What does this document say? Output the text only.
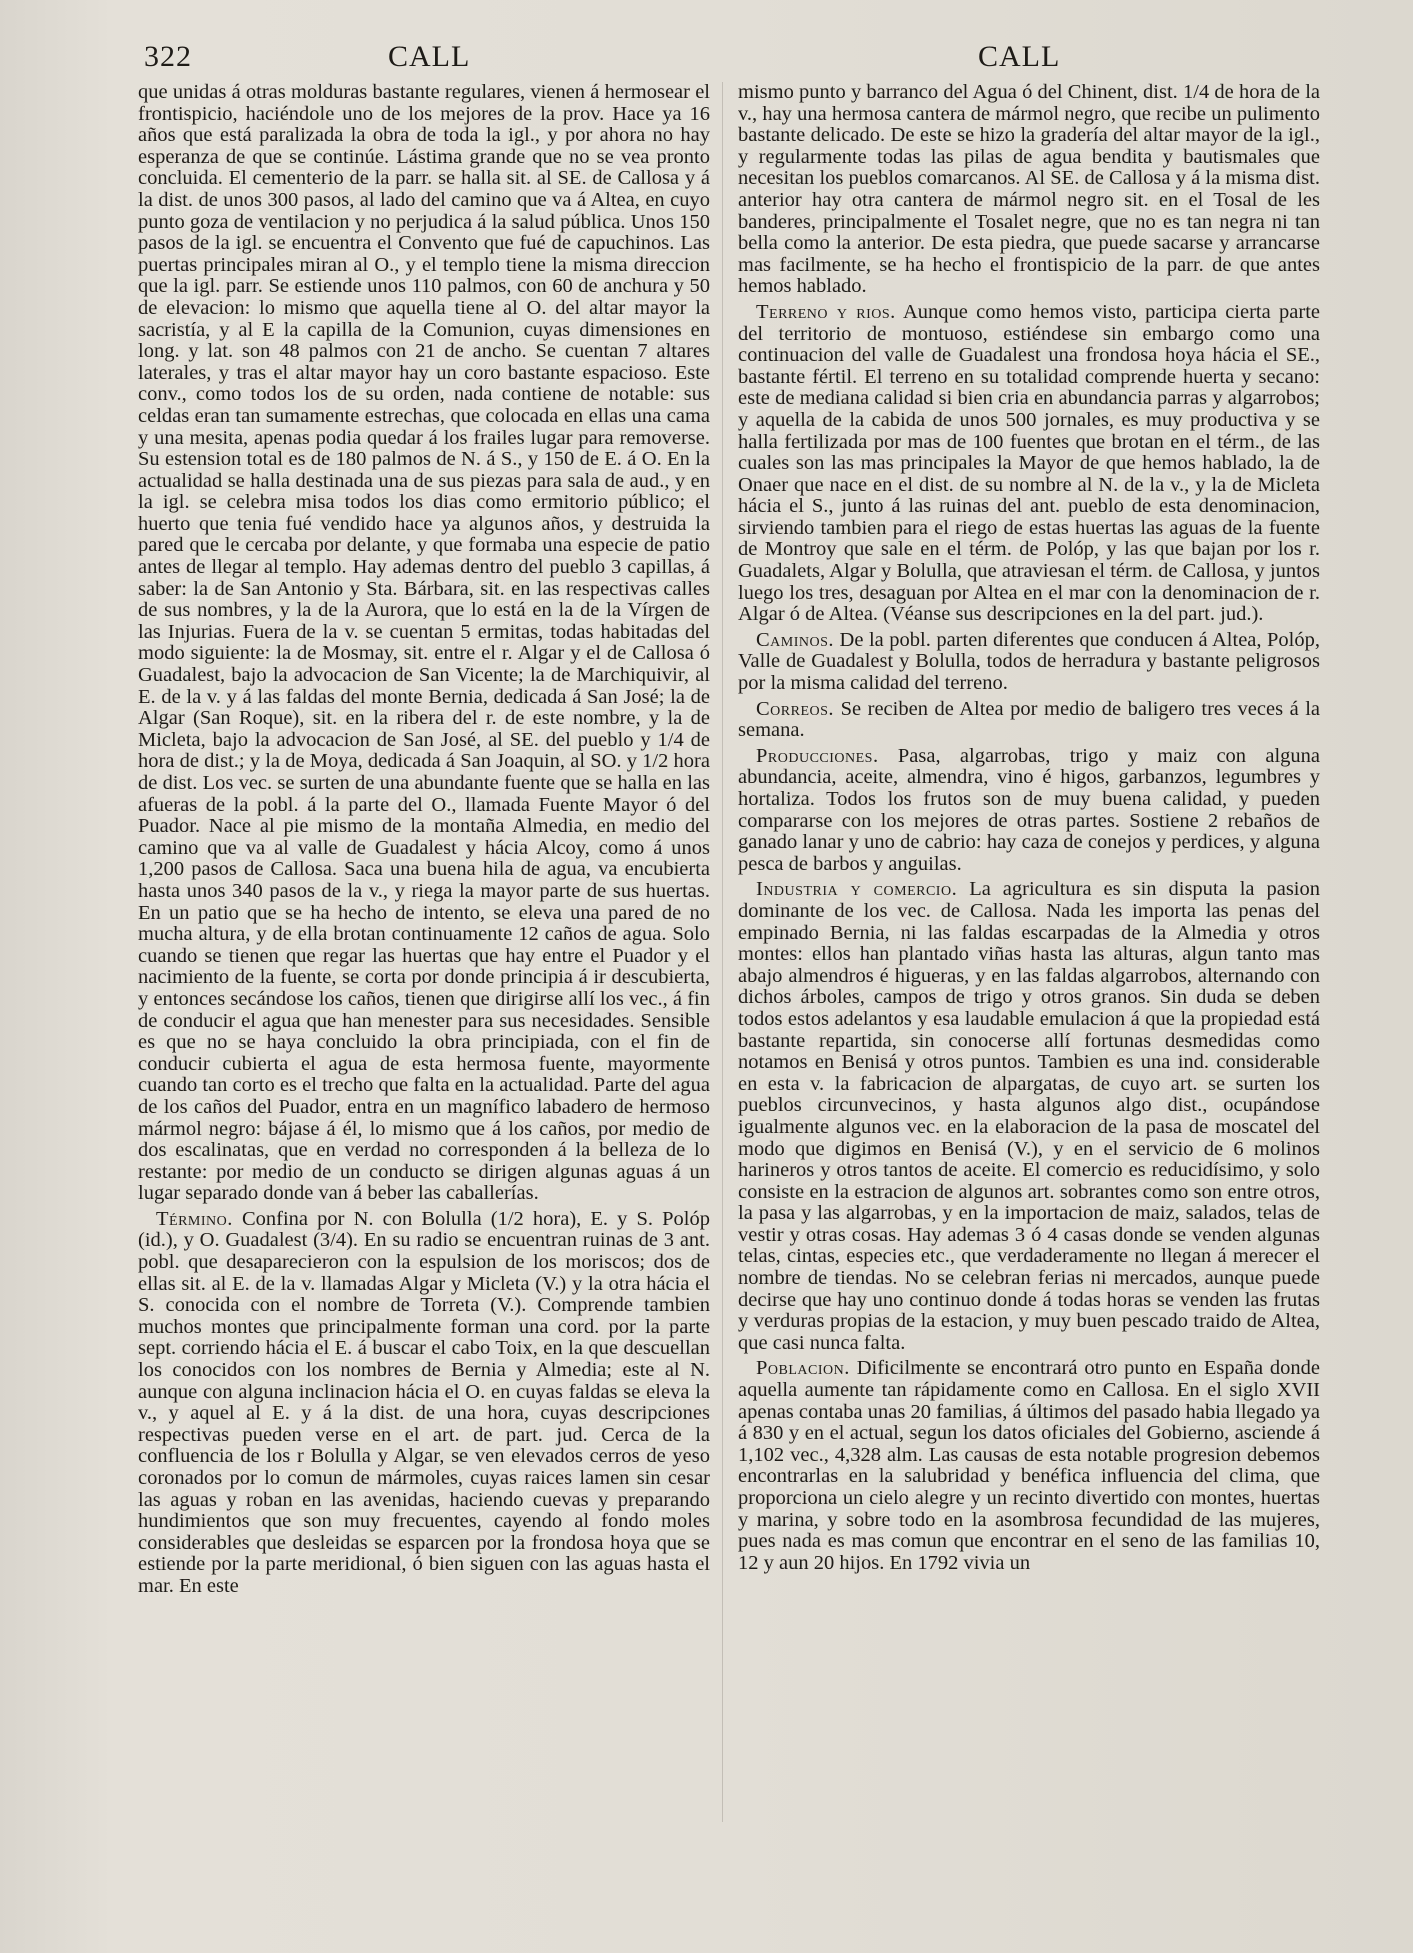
322	CALL	CALL

que unidas á otras molduras bastante regulares, vienen á hermosear el frontispicio, haciéndole uno de los mejores de la prov. Hace ya 16 años que está paralizada la obra de toda la igl., y por ahora no hay esperanza de que se continúe. Lástima grande que no se vea pronto concluida. El cementerio de la parr. se halla sit. al SE. de Callosa y á la dist. de unos 300 pasos, al lado del camino que va á Altea, en cuyo punto goza de ventilacion y no perjudica á la salud pública. Unos 150 pasos de la igl. se encuentra el Convento que fué de capuchinos. Las puertas principales miran al O., y el templo tiene la misma direccion que la igl. parr. Se estiende unos 110 palmos, con 60 de anchura y 50 de elevacion: lo mismo que aquella tiene al O. del altar mayor la sacristía, y al E la capilla de la Comunion, cuyas dimensiones en long. y lat. son 48 palmos con 21 de ancho. Se cuentan 7 altares laterales, y tras el altar mayor hay un coro bastante espacioso. Este conv., como todos los de su orden, nada contiene de notable: sus celdas eran tan sumamente estrechas, que colocada en ellas una cama y una mesita, apenas podia quedar á los frailes lugar para removerse. Su estension total es de 180 palmos de N. á S., y 150 de E. á O. En la actualidad se halla destinada una de sus piezas para sala de aud., y en la igl. se celebra misa todos los dias como ermitorio público; el huerto que tenia fué vendido hace ya algunos años, y destruida la pared que le cercaba por delante, y que formaba una especie de patio antes de llegar al templo. Hay ademas dentro del pueblo 3 capillas, á saber: la de San Antonio y Sta. Bárbara, sit. en las respectivas calles de sus nombres, y la de la Aurora, que lo está en la de la Vírgen de las Injurias. Fuera de la v. se cuentan 5 ermitas, todas habitadas del modo siguiente: la de Mosmay, sit. entre el r. Algar y el de Callosa ó Guadalest, bajo la advocacion de San Vicente; la de Marchiquivir, al E. de la v. y á las faldas del monte Bernia, dedicada á San José; la de Algar (San Roque), sit. en la ribera del r. de este nombre, y la de Micleta, bajo la advocacion de San José, al SE. del pueblo y 1/4 de hora de dist.; y la de Moya, dedicada á San Joaquin, al SO. y 1/2 hora de dist. Los vec. se surten de una abundante fuente que se halla en las afueras de la pobl. á la parte del O., llamada Fuente Mayor ó del Puador. Nace al pie mismo de la montaña Almedia, en medio del camino que va al valle de Guadalest y hácia Alcoy, como á unos 1,200 pasos de Callosa. Saca una buena hila de agua, va encubierta hasta unos 340 pasos de la v., y riega la mayor parte de sus huertas. En un patio que se ha hecho de intento, se eleva una pared de no mucha altura, y de ella brotan continuamente 12 caños de agua. Solo cuando se tienen que regar las huertas que hay entre el Puador y el nacimiento de la fuente, se corta por donde principia á ir descubierta, y entonces secándose los caños, tienen que dirigirse allí los vec., á fin de conducir el agua que han menester para sus necesidades. Sensible es que no se haya concluido la obra principiada, con el fin de conducir cubierta el agua de esta hermosa fuente, mayormente cuando tan corto es el trecho que falta en la actualidad. Parte del agua de los caños del Puador, entra en un magnífico labadero de hermoso mármol negro: bájase á él, lo mismo que á los caños, por medio de dos escalinatas, que en verdad no corresponden á la belleza de lo restante: por medio de un conducto se dirigen algunas aguas á un lugar separado donde van á beber las caballerías.

Término. Confina por N. con Bolulla (1/2 hora), E. y S. Polóp (id.), y O. Guadalest (3/4). En su radio se encuentran ruinas de 3 ant. pobl. que desaparecieron con la espulsion de los moriscos; dos de ellas sit. al E. de la v. llamadas Algar y Micleta (V.) y la otra hácia el S. conocida con el nombre de Torreta (V.). Comprende tambien muchos montes que principalmente forman una cord. por la parte sept. corriendo hácia el E. á buscar el cabo Toix, en la que descuellan los conocidos con los nombres de Bernia y Almedia; este al N. aunque con alguna inclinacion hácia el O. en cuyas faldas se eleva la v., y aquel al E. y á la dist. de una hora, cuyas descripciones respectivas pueden verse en el art. de part. jud. Cerca de la confluencia de los r Bolulla y Algar, se ven elevados cerros de yeso coronados por lo comun de mármoles, cuyas raices lamen sin cesar las aguas y roban en las avenidas, haciendo cuevas y preparando hundimientos que son muy frecuentes, cayendo al fondo moles considerables que desleidas se esparcen por la frondosa hoya que se estiende por la parte meridional, ó bien siguen con las aguas hasta el mar. En este

mismo punto y barranco del Agua ó del Chinent, dist. 1/4 de hora de la v., hay una hermosa cantera de mármol negro, que recibe un pulimento bastante delicado. De este se hizo la gradería del altar mayor de la igl., y regularmente todas las pilas de agua bendita y bautismales que necesitan los pueblos comarcanos. Al SE. de Callosa y á la misma dist. anterior hay otra cantera de mármol negro sit. en el Tosal de les banderes, principalmente el Tosalet negre, que no es tan negra ni tan bella como la anterior. De esta piedra, que puede sacarse y arrancarse mas facilmente, se ha hecho el frontispicio de la parr. de que antes hemos hablado.

Terreno y rios. Aunque como hemos visto, participa cierta parte del territorio de montuoso, estiéndese sin embargo como una continuacion del valle de Guadalest una frondosa hoya hácia el SE., bastante fértil. El terreno en su totalidad comprende huerta y secano: este de mediana calidad si bien cria en abundancia parras y algarrobos; y aquella de la cabida de unos 500 jornales, es muy productiva y se halla fertilizada por mas de 100 fuentes que brotan en el térm., de las cuales son las mas principales la Mayor de que hemos hablado, la de Onaer que nace en el dist. de su nombre al N. de la v., y la de Micleta hácia el S., junto á las ruinas del ant. pueblo de esta denominacion, sirviendo tambien para el riego de estas huertas las aguas de la fuente de Montroy que sale en el térm. de Polóp, y las que bajan por los r. Guadalets, Algar y Bolulla, que atraviesan el térm. de Callosa, y juntos luego los tres, desaguan por Altea en el mar con la denominacion de r. Algar ó de Altea. (Véanse sus descripciones en la del part. jud.).

Caminos. De la pobl. parten diferentes que conducen á Altea, Polóp, Valle de Guadalest y Bolulla, todos de herradura y bastante peligrosos por la misma calidad del terreno.

Correos. Se reciben de Altea por medio de baligero tres veces á la semana.

Producciones. Pasa, algarrobas, trigo y maiz con alguna abundancia, aceite, almendra, vino é higos, garbanzos, legumbres y hortaliza. Todos los frutos son de muy buena calidad, y pueden compararse con los mejores de otras partes. Sostiene 2 rebaños de ganado lanar y uno de cabrio: hay caza de conejos y perdices, y alguna pesca de barbos y anguilas.

Industria y comercio. La agricultura es sin disputa la pasion dominante de los vec. de Callosa. Nada les importa las penas del empinado Bernia, ni las faldas escarpadas de la Almedia y otros montes: ellos han plantado viñas hasta las alturas, algun tanto mas abajo almendros é higueras, y en las faldas algarrobos, alternando con dichos árboles, campos de trigo y otros granos. Sin duda se deben todos estos adelantos y esa laudable emulacion á que la propiedad está bastante repartida, sin conocerse allí fortunas desmedidas como notamos en Benisá y otros puntos. Tambien es una ind. considerable en esta v. la fabricacion de alpargatas, de cuyo art. se surten los pueblos circunvecinos, y hasta algunos algo dist., ocupándose igualmente algunos vec. en la elaboracion de la pasa de moscatel del modo que digimos en Benisá (V.), y en el servicio de 6 molinos harineros y otros tantos de aceite. El comercio es reducidísimo, y solo consiste en la estracion de algunos art. sobrantes como son entre otros, la pasa y las algarrobas, y en la importacion de maiz, salados, telas de vestir y otras cosas. Hay ademas 3 ó 4 casas donde se venden algunas telas, cintas, especies etc., que verdaderamente no llegan á merecer el nombre de tiendas. No se celebran ferias ni mercados, aunque puede decirse que hay uno continuo donde á todas horas se venden las frutas y verduras propias de la estacion, y muy buen pescado traido de Altea, que casi nunca falta.

Poblacion. Dificilmente se encontrará otro punto en España donde aquella aumente tan rápidamente como en Callosa. En el siglo XVII apenas contaba unas 20 familias, á últimos del pasado habia llegado ya á 830 y en el actual, segun los datos oficiales del Gobierno, asciende á 1,102 vec., 4,328 alm. Las causas de esta notable progresion debemos encontrarlas en la salubridad y benéfica influencia del clima, que proporciona un cielo alegre y un recinto divertido con montes, huertas y marina, y sobre todo en la asombrosa fecundidad de las mujeres, pues nada es mas comun que encontrar en el seno de las familias 10, 12 y aun 20 hijos. En 1792 vivia un
